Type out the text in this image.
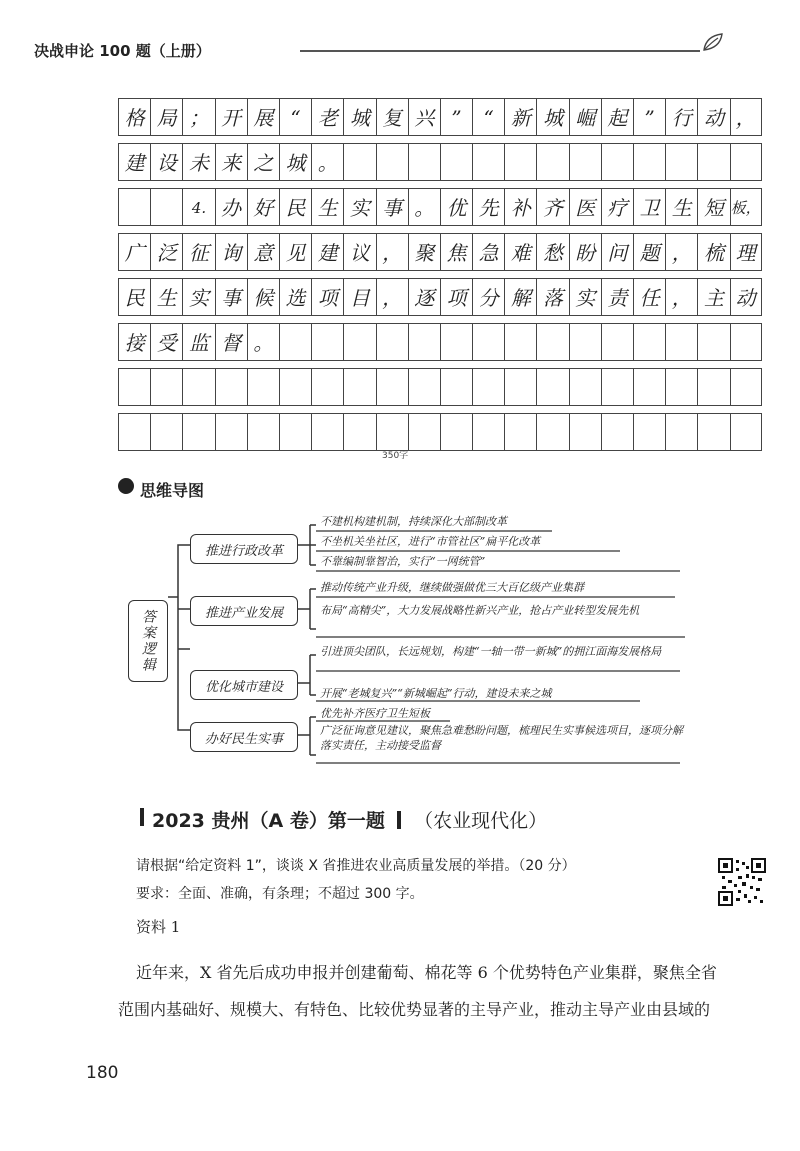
决战申论 100 题（上册）
格 局 ； 开 展 “ 老 城 复 兴 ”	“ 新 城 崛 起 ” 行 动 ，
建 设 未 来 之 城 。
4. 办 好 民 生 实 事 。 优 先 补 齐 医 疗 卫 生 短 板，
广 泛 征 询 意 见 建 议 ， 聚 焦 急 难 愁 盼 问 题 ， 梳 理
民 生 实 事 候 选 项 目 ， 逐 项 分 解 落 实 责 任 ， 主 动
接 受 监 督 。
350字
思维导图
答案逻辑
推进行政改革
推进产业发展
优化城市建设
办好民生实事
不建机构建机制，持续深化大部制改革
不坐机关坐社区，进行“市管社区”扁平化改革
不靠编制靠智治，实行“一网统管”
推动传统产业升级，继续做强做优三大百亿级产业集群
布局“高精尖”，大力发展战略性新兴产业，抢占产业转型发展先机
引进顶尖团队，长远规划，构建“一轴一带一新城”的拥江面海发展格局
开展“老城复兴”“新城崛起”行动，建设未来之城
优先补齐医疗卫生短板
广泛征询意见建议，聚焦急难愁盼问题，梳理民生实事候选项目，逐项分解落实责任，主动接受监督
2023 贵州（A 卷）第一题 （农业现代化）
请根据“给定资料 1”，谈谈 X 省推进农业高质量发展的举措。（20 分）
要求：全面、准确，有条理；不超过 300 字。
资料 1
近年来，X 省先后成功申报并创建葡萄、棉花等 6 个优势特色产业集群，聚焦全省
范围内基础好、规模大、有特色、比较优势显著的主导产业，推动主导产业由县域的
180
